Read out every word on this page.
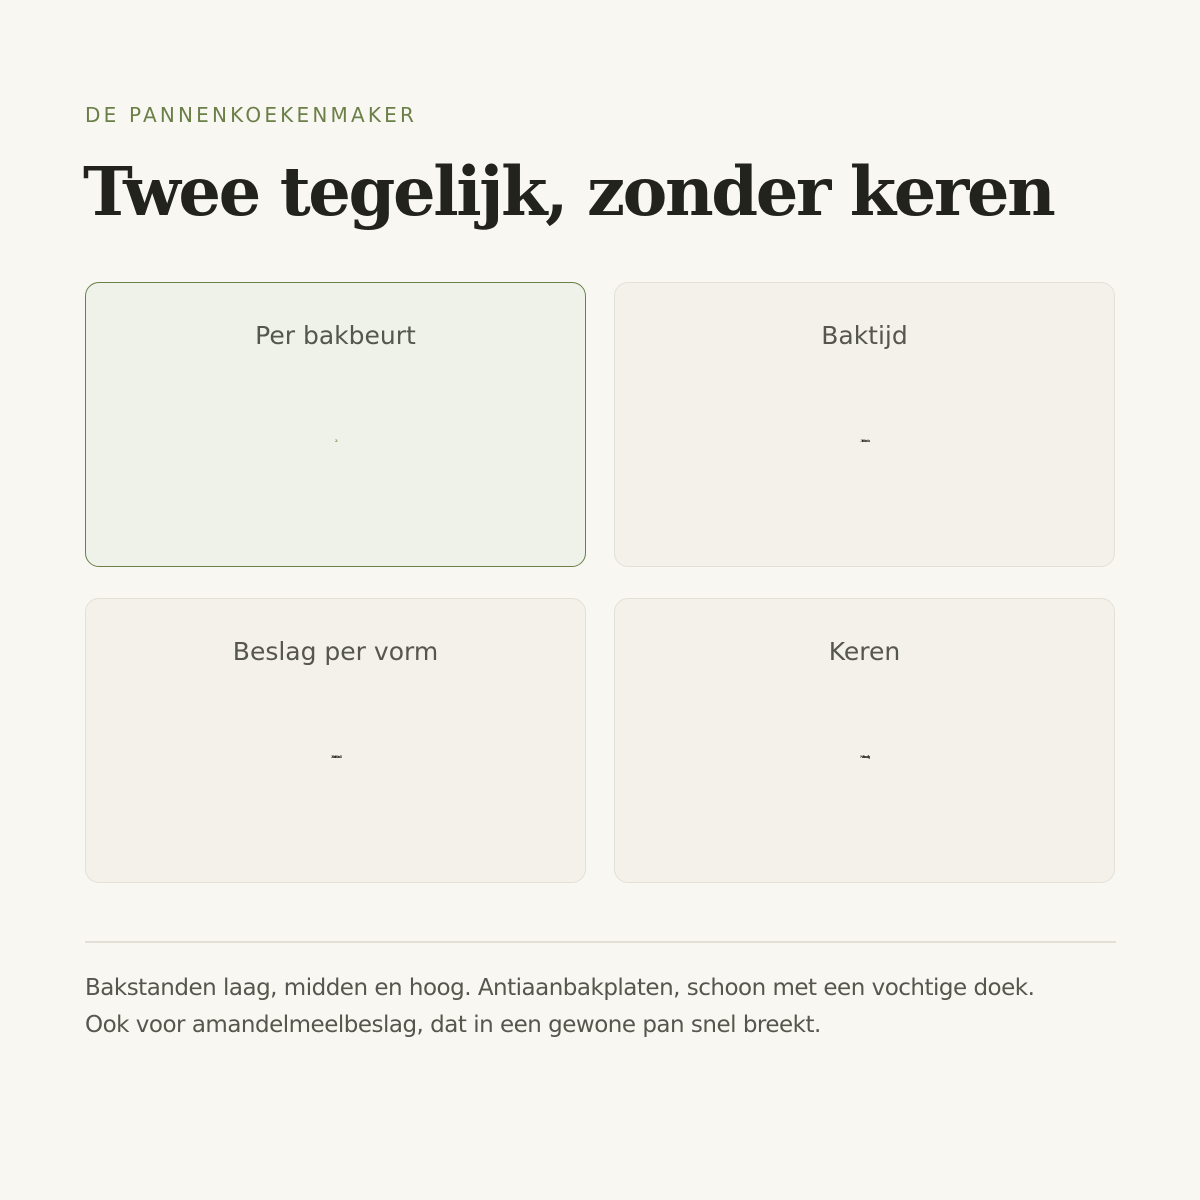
DE PANNENKOEKENMAKER
Twee tegelijk, zonder keren
Per bakbeurt
2
Baktijd
3 tot 6 min
Beslag per vorm
30 tot 60 ml
Keren
Niet nodig
Bakstanden laag, midden en hoog. Antiaanbakplaten, schoon met een vochtige doek.
Ook voor amandelmeelbeslag, dat in een gewone pan snel breekt.
